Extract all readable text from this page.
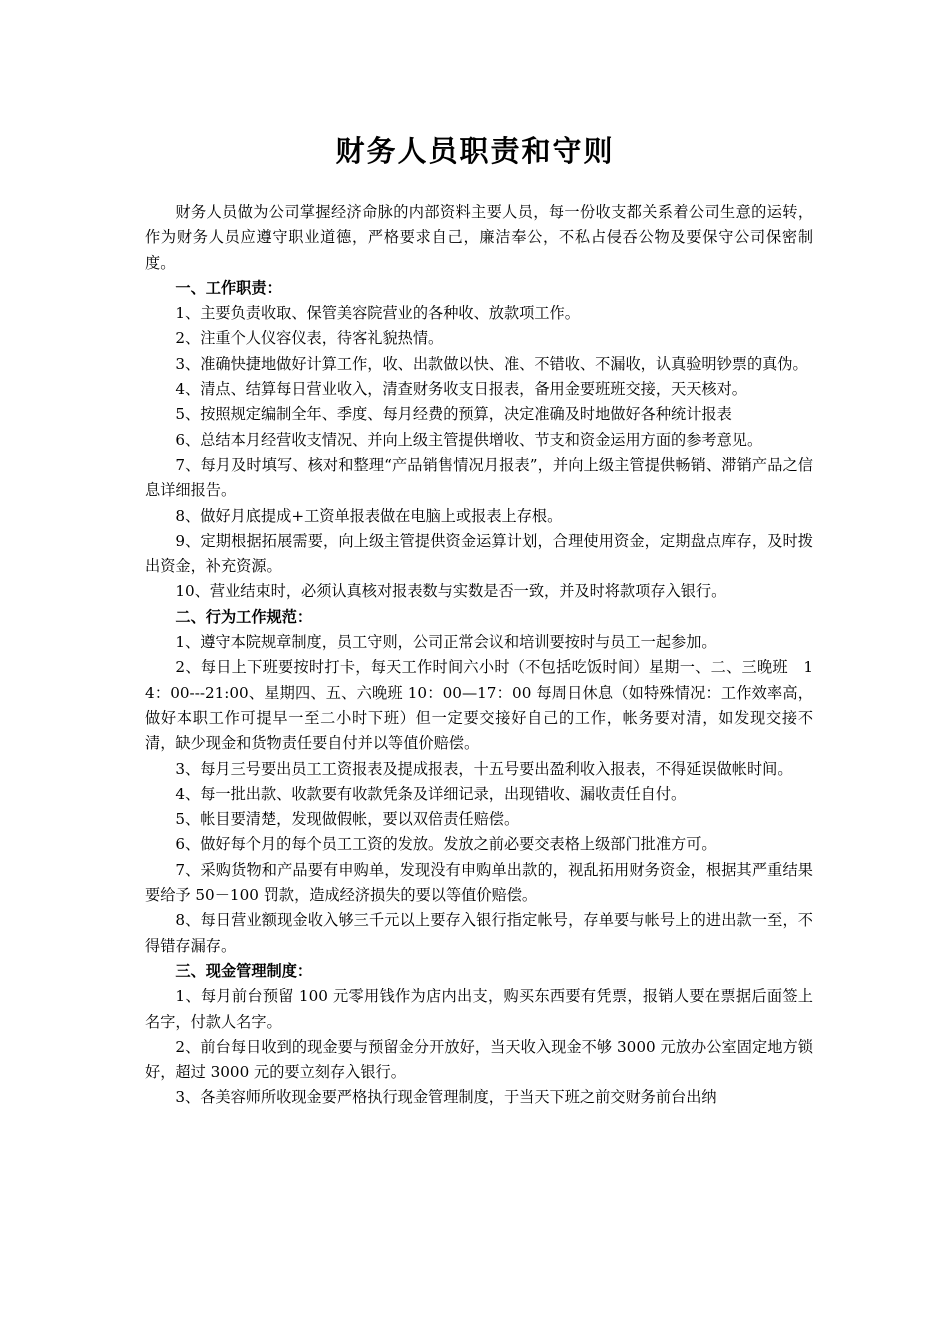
财务人员职责和守则

财务人员做为公司掌握经济命脉的内部资料主要人员，每一份收支都关系着公司生意的运转，作为财务人员应遵守职业道德，严格要求自己，廉洁奉公，不私占侵吞公物及要保守公司保密制度。

一、工作职责：

1、主要负责收取、保管美容院营业的各种收、放款项工作。

2、注重个人仪容仪表，待客礼貌热情。

3、准确快捷地做好计算工作，收、出款做以快、准、不错收、不漏收，认真验明钞票的真伪。

4、清点、结算每日营业收入，清查财务收支日报表，备用金要班班交接，天天核对。

5、按照规定编制全年、季度、每月经费的预算，决定准确及时地做好各种统计报表

6、总结本月经营收支情况、并向上级主管提供增收、节支和资金运用方面的参考意见。

7、每月及时填写、核对和整理“产品销售情况月报表”，并向上级主管提供畅销、滞销产品之信息详细报告。

8、做好月底提成+工资单报表做在电脑上或报表上存根。

9、定期根据拓展需要，向上级主管提供资金运算计划，合理使用资金，定期盘点库存，及时拨出资金，补充资源。

10、营业结束时，必须认真核对报表数与实数是否一致，并及时将款项存入银行。

二、行为工作规范：

1、遵守本院规章制度，员工守则，公司正常会议和培训要按时与员工一起参加。

2、每日上下班要按时打卡，每天工作时间六小时（不包括吃饭时间）星期一、二、三晚班　14：00---21:00、星期四、五、六晚班 10：00—17：00 每周日休息（如特殊情况：工作效率高，做好本职工作可提早一至二小时下班）但一定要交接好自己的工作，帐务要对清，如发现交接不清，缺少现金和货物责任要自付并以等值价赔偿。

3、每月三号要出员工工资报表及提成报表，十五号要出盈利收入报表，不得延误做帐时间。

4、每一批出款、收款要有收款凭条及详细记录，出现错收、漏收责任自付。

5、帐目要清楚，发现做假帐，要以双倍责任赔偿。

6、做好每个月的每个员工工资的发放。发放之前必要交表格上级部门批准方可。

7、采购货物和产品要有申购单，发现没有申购单出款的，视乱拓用财务资金，根据其严重结果要给予 50－100 罚款，造成经济损失的要以等值价赔偿。

8、每日营业额现金收入够三千元以上要存入银行指定帐号，存单要与帐号上的进出款一至，不得错存漏存。

三、现金管理制度：

1、每月前台预留 100 元零用钱作为店内出支，购买东西要有凭票，报销人要在票据后面签上名字，付款人名字。

2、前台每日收到的现金要与预留金分开放好，当天收入现金不够 3000 元放办公室固定地方锁好，超过 3000 元的要立刻存入银行。

3、各美容师所收现金要严格执行现金管理制度，于当天下班之前交财务前台出纳
